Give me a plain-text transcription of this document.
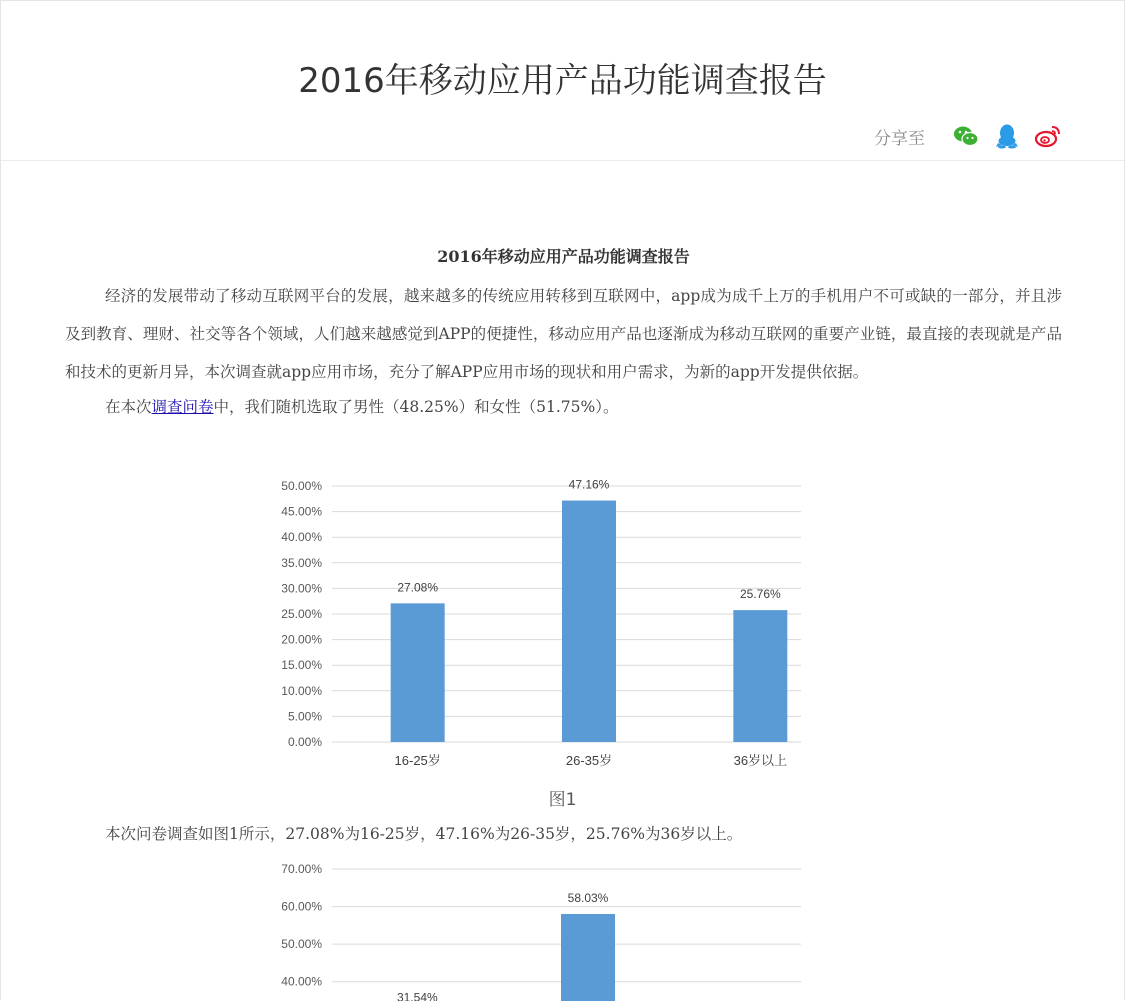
2016年移动应用产品功能调查报告
分享至
2016年移动应用产品功能调查报告

经济的发展带动了移动互联网平台的发展，越来越多的传统应用转移到互联网中，app成为成千上万的手机用户不可或缺的一部分，并且涉及到教育、理财、社交等各个领域，人们越来越感觉到APP的便捷性，移动应用产品也逐渐成为移动互联网的重要产业链，最直接的表现就是产品和技术的更新月异，本次调查就app应用市场，充分了解APP应用市场的现状和用户需求，为新的app开发提供依据。

在本次调查问卷中，我们随机选取了男性（48.25%）和女性（51.75%）。

0.00%
5.00%
10.00%
15.00%
20.00%
25.00%
30.00%
35.00%
40.00%
45.00%
50.00%
27.08%
16-25岁
47.16%
26-35岁
25.76%
36岁以上
图1

本次问卷调查如图1所示，27.08%为16-25岁，47.16%为26-35岁，25.76%为36岁以上。

40.00%
50.00%
60.00%
70.00%
31.54%
58.03%
